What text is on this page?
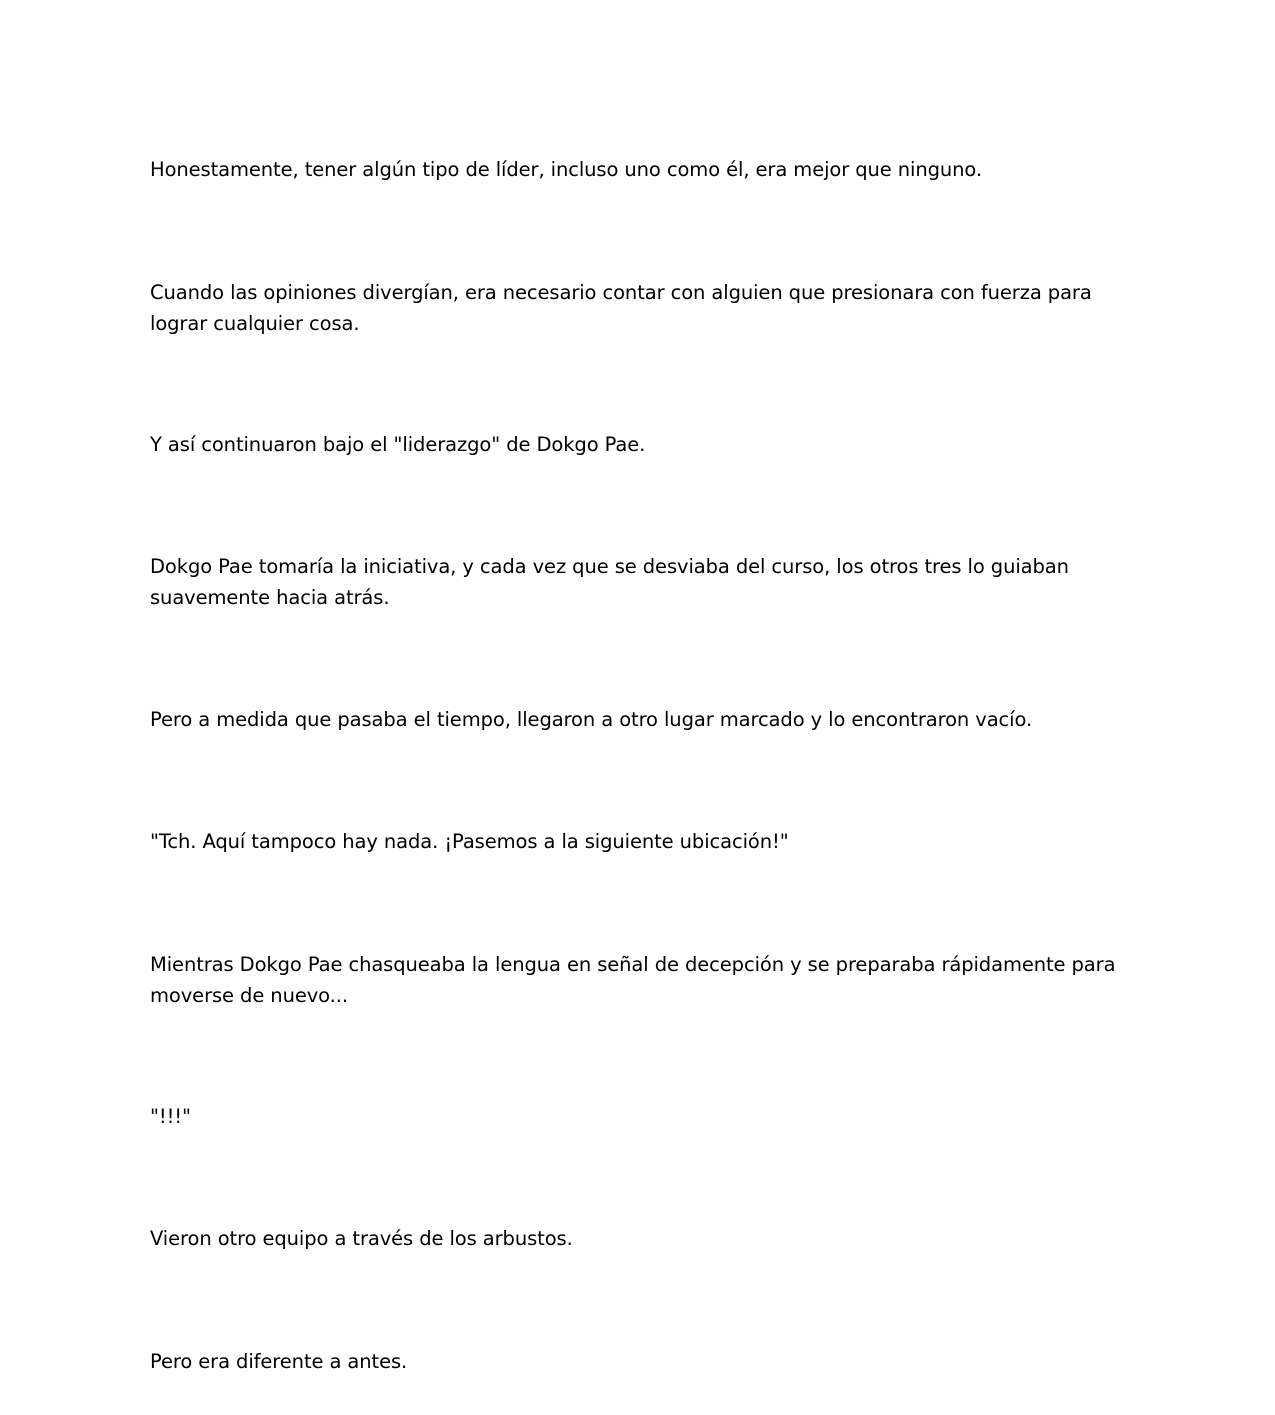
Honestamente, tener algún tipo de líder, incluso uno como él, era mejor que ninguno.

Cuando las opiniones divergían, era necesario contar con alguien que presionara con fuerza para lograr cualquier cosa.

Y así continuaron bajo el "liderazgo" de Dokgo Pae.

Dokgo Pae tomaría la iniciativa, y cada vez que se desviaba del curso, los otros tres lo guiaban suavemente hacia atrás.

Pero a medida que pasaba el tiempo, llegaron a otro lugar marcado y lo encontraron vacío.

"Tch. Aquí tampoco hay nada. ¡Pasemos a la siguiente ubicación!"

Mientras Dokgo Pae chasqueaba la lengua en señal de decepción y se preparaba rápidamente para moverse de nuevo...

"!!!"

Vieron otro equipo a través de los arbustos.

Pero era diferente a antes.
